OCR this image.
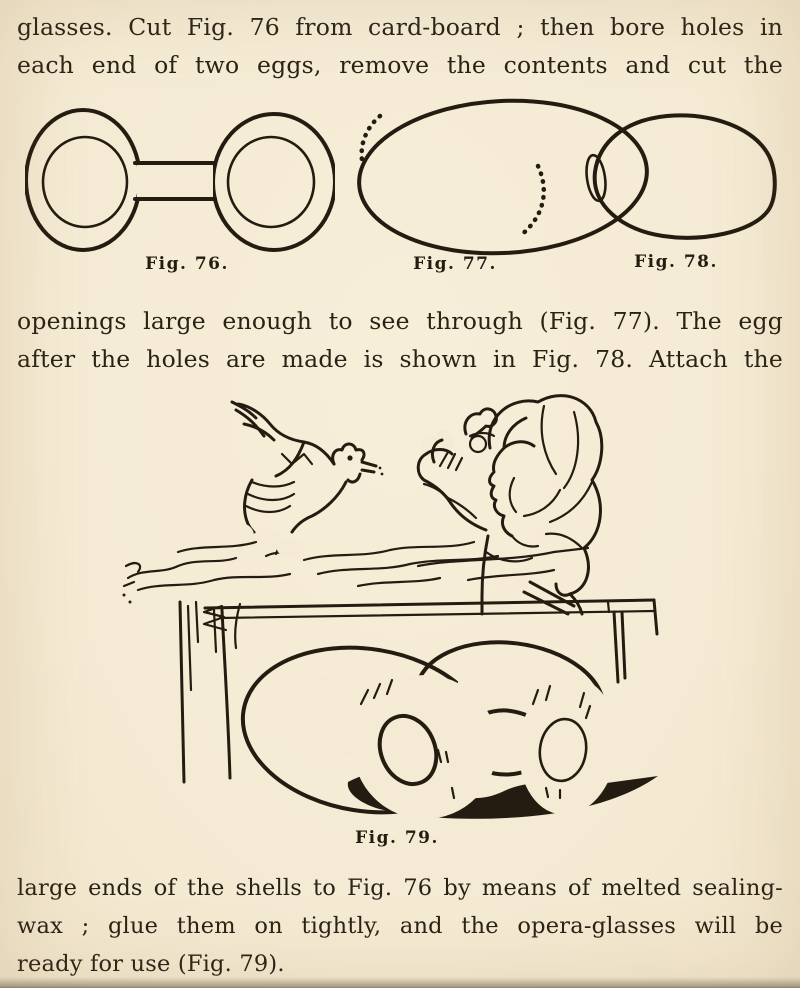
glasses. Cut Fig. 76 from card-board ; then bore holes in
each end of two eggs, remove the contents and cut the
Fig. 76.	Fig. 77.	Fig. 78.
openings large enough to see through (Fig. 77). The egg
after the holes are made is shown in Fig. 78. Attach the
Fig. 79.
large ends of the shells to Fig. 76 by means of melted sealing-
wax ; glue them on tightly, and the opera-glasses will be
ready for use (Fig. 79).
